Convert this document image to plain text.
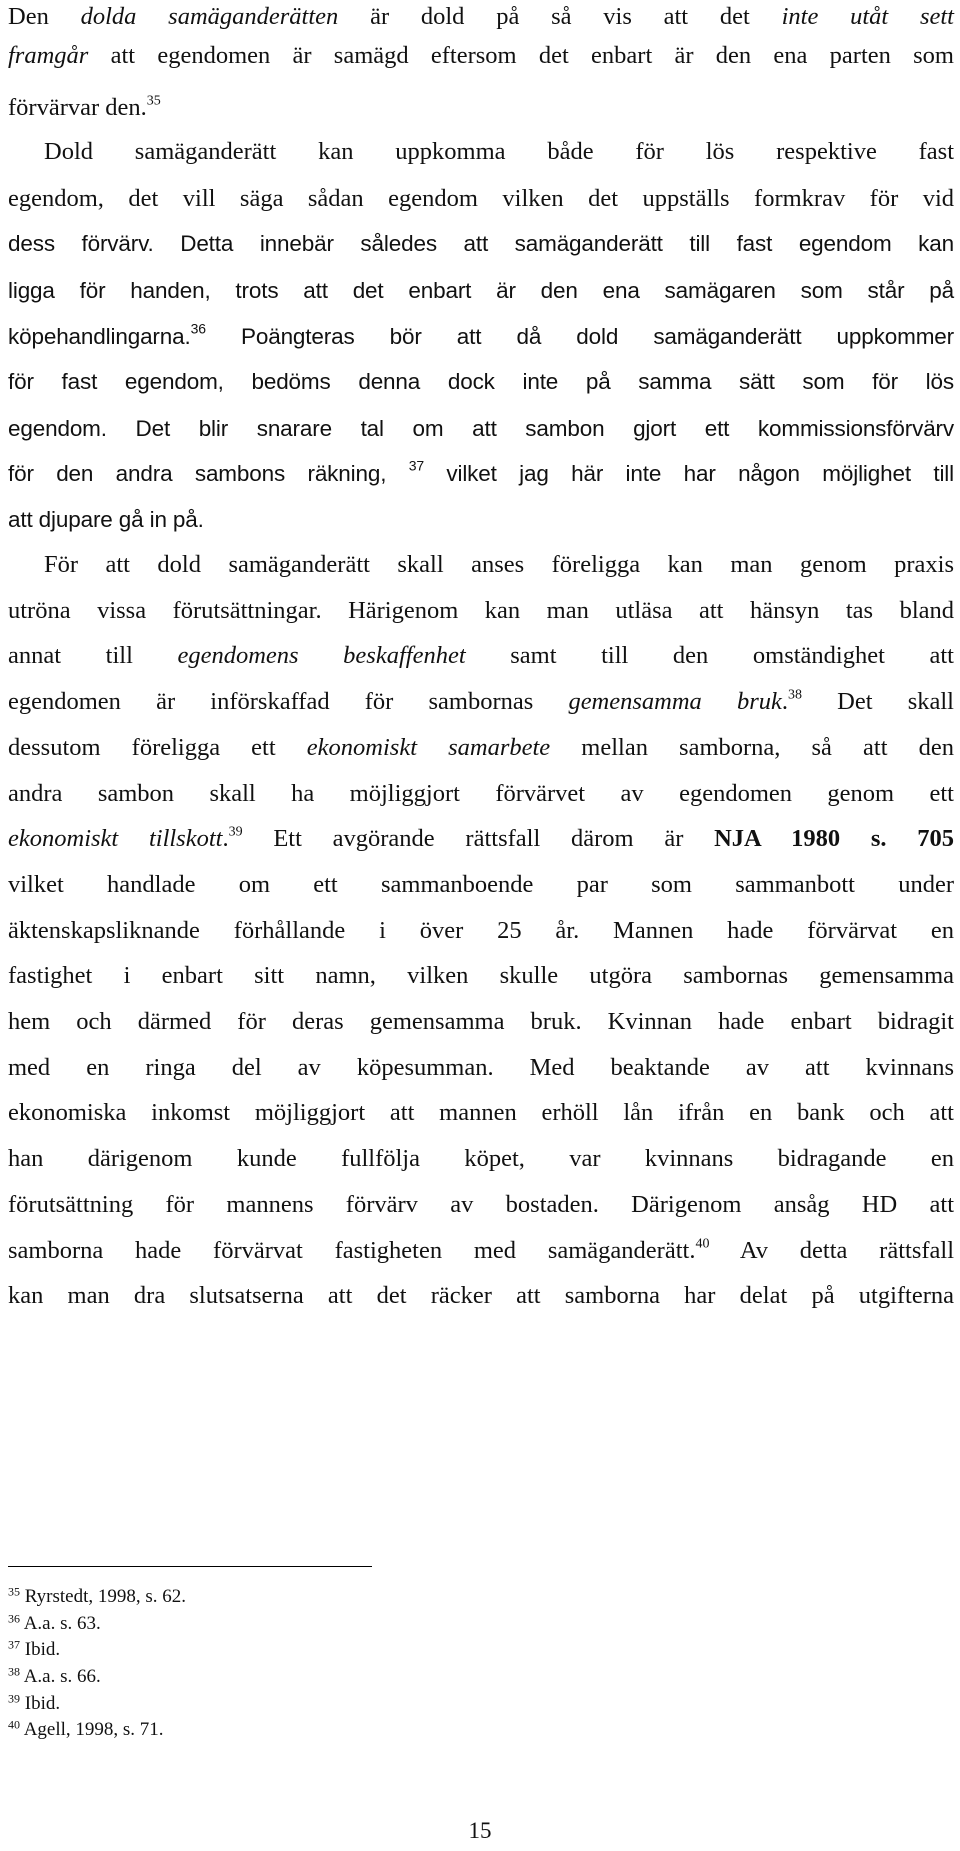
Den dolda samäganderätten är dold på så vis att det inte utåt sett
framgår att egendomen är samägd eftersom det enbart är den ena parten som
förvärvar den.$^{35}$
Dold samäganderätt kan uppkomma både för lös respektive fast
egendom, det vill säga sådan egendom vilken det uppställs formkrav för vid
dess förvärv. Detta innebär således att samäganderätt till fast egendom kan
ligga för handen, trots att det enbart är den ena samägaren som står på
köpehandlingarna.$^{36}$ Poängteras bör att då dold samäganderätt uppkommer
för fast egendom, bedöms denna dock inte på samma sätt som för lös
egendom. Det blir snarare tal om att sambon gjort ett kommissionsförvärv
för den andra sambons räkning, $^{37}$ vilket jag här inte har någon möjlighet till
att djupare gå in på.
För att dold samäganderätt skall anses föreligga kan man genom praxis
utröna vissa förutsättningar. Härigenom kan man utläsa att hänsyn tas bland
annat till egendomens beskaffenhet samt till den omständighet att
egendomen är införskaffad för sambornas gemensamma bruk.$^{38}$ Det skall
dessutom föreligga ett ekonomiskt samarbete mellan samborna, så att den
andra sambon skall ha möjliggjort förvärvet av egendomen genom ett
ekonomiskt tillskott.$^{39}$ Ett avgörande rättsfall därom är NJA 1980 s. 705
vilket handlade om ett sammanboende par som sammanbott under
äktenskapsliknande förhållande i över 25 år. Mannen hade förvärvat en
fastighet i enbart sitt namn, vilken skulle utgöra sambornas gemensamma
hem och därmed för deras gemensamma bruk. Kvinnan hade enbart bidragit
med en ringa del av köpesumman. Med beaktande av att kvinnans
ekonomiska inkomst möjliggjort att mannen erhöll lån ifrån en bank och att
han därigenom kunde fullfölja köpet, var kvinnans bidragande en
förutsättning för mannens förvärv av bostaden. Därigenom ansåg HD att
samborna hade förvärvat fastigheten med samäganderätt.$^{40}$ Av detta rättsfall
kan man dra slutsatserna att det räcker att samborna har delat på utgifterna
$^{35}$ Ryrstedt, 1998, s. 62.
$^{36}$ A.a. s. 63.
$^{37}$ Ibid.
$^{38}$ A.a. s. 66.
$^{39}$ Ibid.
$^{40}$ Agell, 1998, s. 71.
15
